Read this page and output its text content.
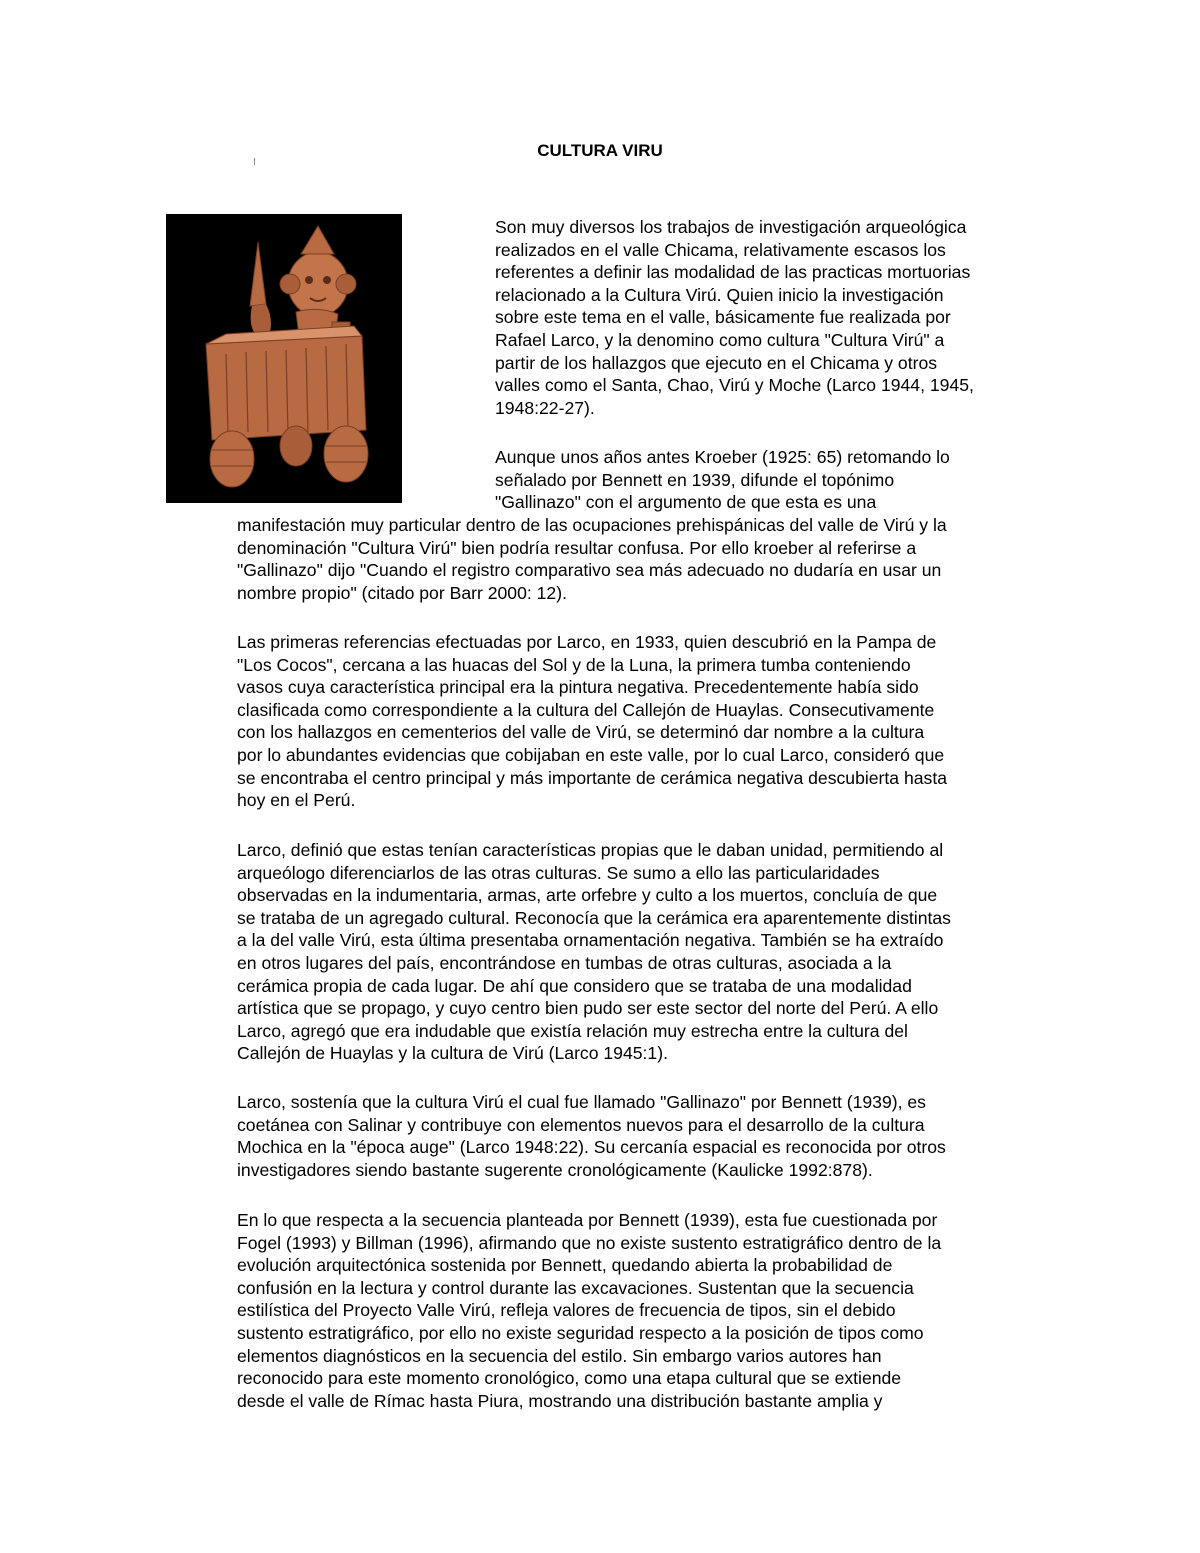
CULTURA VIRU
Son muy diversos los trabajos de investigación arqueológica
realizados en el valle Chicama, relativamente escasos los
referentes a definir las modalidad de las practicas mortuorias
relacionado a la Cultura Virú. Quien inicio la investigación
sobre este tema en el valle, básicamente fue realizada por
Rafael Larco, y la denomino como cultura "Cultura Virú" a
partir de los hallazgos que ejecuto en el Chicama y otros
valles como el Santa, Chao, Virú y Moche (Larco 1944, 1945,
1948:22-27).
Aunque unos años antes Kroeber (1925: 65) retomando lo
señalado por Bennett en 1939, difunde el topónimo
"Gallinazo" con el argumento de que esta es una
manifestación muy particular dentro de las ocupaciones prehispánicas del valle de Virú y la
denominación "Cultura Virú" bien podría resultar confusa. Por ello kroeber al referirse a
"Gallinazo" dijo "Cuando el registro comparativo sea más adecuado no dudaría en usar un
nombre propio" (citado por Barr 2000: 12).
Las primeras referencias efectuadas por Larco, en 1933, quien descubrió en la Pampa de
"Los Cocos", cercana a las huacas del Sol y de la Luna, la primera tumba conteniendo
vasos cuya característica principal era la pintura negativa. Precedentemente había sido
clasificada como correspondiente a la cultura del Callejón de Huaylas. Consecutivamente
con los hallazgos en cementerios del valle de Virú, se determinó dar nombre a la cultura
por lo abundantes evidencias que cobijaban en este valle, por lo cual Larco, consideró que
se encontraba el centro principal y más importante de cerámica negativa descubierta hasta
hoy en el Perú.
Larco, definió que estas tenían características propias que le daban unidad, permitiendo al
arqueólogo diferenciarlos de las otras culturas. Se sumo a ello las particularidades
observadas en la indumentaria, armas, arte orfebre y culto a los muertos, concluía de que
se trataba de un agregado cultural. Reconocía que la cerámica era aparentemente distintas
a la del valle Virú, esta última presentaba ornamentación negativa. También se ha extraído
en otros lugares del país, encontrándose en tumbas de otras culturas, asociada a la
cerámica propia de cada lugar. De ahí que considero que se trataba de una modalidad
artística que se propago, y cuyo centro bien pudo ser este sector del norte del Perú. A ello
Larco, agregó que era indudable que existía relación muy estrecha entre la cultura del
Callejón de Huaylas y la cultura de Virú (Larco 1945:1).
Larco, sostenía que la cultura Virú el cual fue llamado "Gallinazo" por Bennett (1939), es
coetánea con Salinar y contribuye con elementos nuevos para el desarrollo de la cultura
Mochica en la "época auge" (Larco 1948:22). Su cercanía espacial es reconocida por otros
investigadores siendo bastante sugerente cronológicamente (Kaulicke 1992:878).
En lo que respecta a la secuencia planteada por Bennett (1939), esta fue cuestionada por
Fogel (1993) y Billman (1996), afirmando que no existe sustento estratigráfico dentro de la
evolución arquitectónica sostenida por Bennett, quedando abierta la probabilidad de
confusión en la lectura y control durante las excavaciones. Sustentan que la secuencia
estilística del Proyecto Valle Virú, refleja valores de frecuencia de tipos, sin el debido
sustento estratigráfico, por ello no existe seguridad respecto a la posición de tipos como
elementos diagnósticos en la secuencia del estilo. Sin embargo varios autores han
reconocido para este momento cronológico, como una etapa cultural que se extiende
desde el valle de Rímac hasta Piura, mostrando una distribución bastante amplia y
